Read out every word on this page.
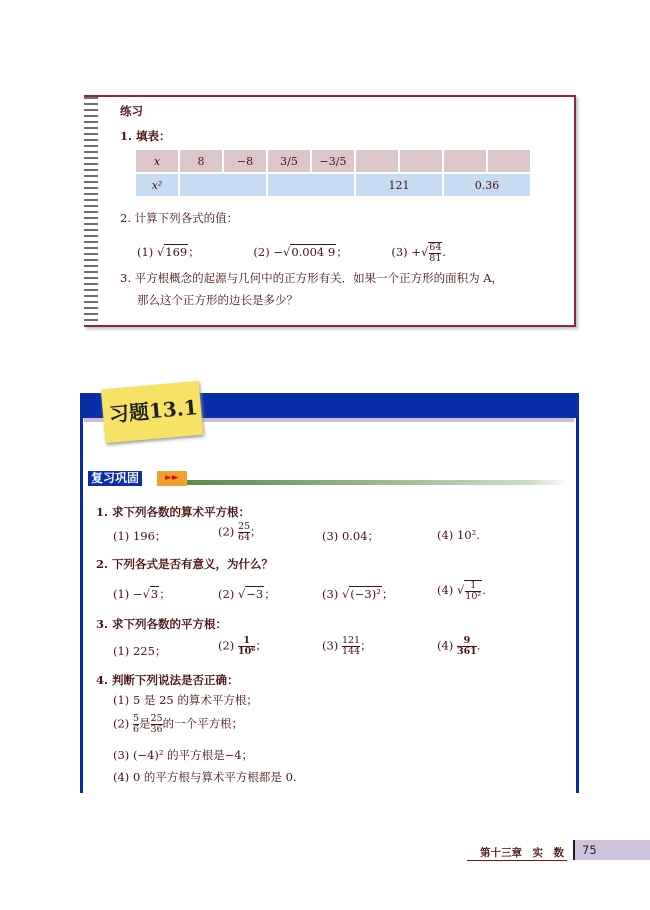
练习
1. 填表：
x	8	−8	3/5	−3/5				
x²					121		0.36	
2. 计算下列各式的值：
(1) √169；	(2) −√0.004 9；	(3) +√ $\frac{64}{81}$ .
3. 平方根概念的起源与几何中的正方形有关．如果一个正方形的面积为 A，
那么这个正方形的边长是多少？
习题13.1
复习巩固	►►
1. 求下列各数的算术平方根：
(1) 196；	$(2) \frac{25}{64}$ ；	(3) 0.04；	(4) 10².
2. 下列各式是否有意义，为什么？
(1) −√3；	(2) √−3；	(3) √(−3)²；	(4) √ $\frac{1}{\text{10²}}$ .
3. 求下列各数的平方根：
(1) 225；	$(2) \frac{1}{\text{10⁶}}$ ；	$(3) \frac{121}{144}$ ；	$(4) \frac{9}{361}$ .
4. 判断下列说法是否正确：
(1) 5 是 25 的算术平方根；
$(2) \frac{5}{6}$ 是 $\frac{25}{36}$ 的一个平方根；
(3) (−4)² 的平方根是−4；
(4) 0 的平方根与算术平方根都是 0.
第十三章　实　数 75
